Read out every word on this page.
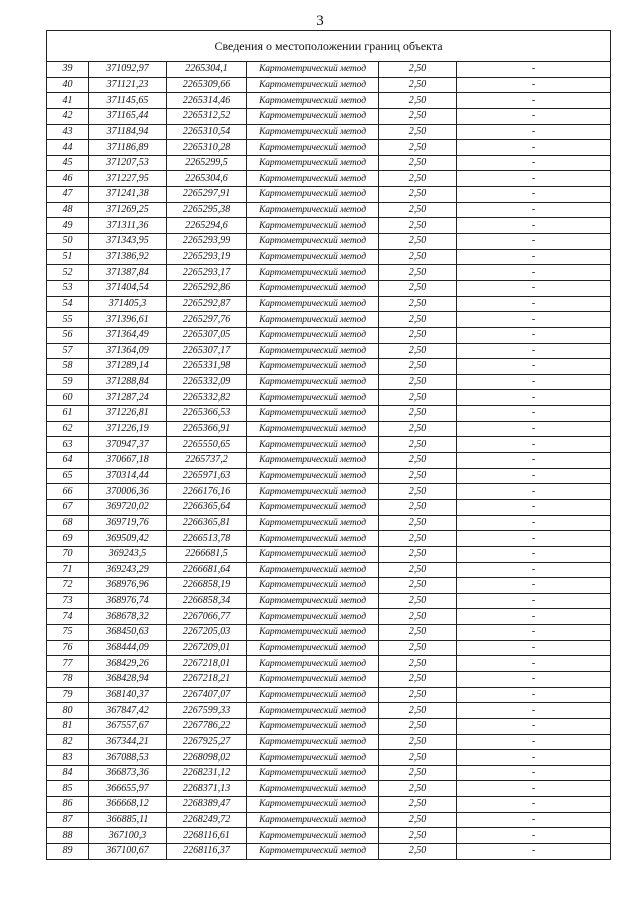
3
Сведения о местоположении границ объекта					
39	371092,97	2265304,1	Картометрический метод	2,50	-
40	371121,23	2265309,66	Картометрический метод	2,50	-
41	371145,65	2265314,46	Картометрический метод	2,50	-
42	371165,44	2265312,52	Картометрический метод	2,50	-
43	371184,94	2265310,54	Картометрический метод	2,50	-
44	371186,89	2265310,28	Картометрический метод	2,50	-
45	371207,53	2265299,5	Картометрический метод	2,50	-
46	371227,95	2265304,6	Картометрический метод	2,50	-
47	371241,38	2265297,91	Картометрический метод	2,50	-
48	371269,25	2265295,38	Картометрический метод	2,50	-
49	371311,36	2265294,6	Картометрический метод	2,50	-
50	371343,95	2265293,99	Картометрический метод	2,50	-
51	371386,92	2265293,19	Картометрический метод	2,50	-
52	371387,84	2265293,17	Картометрический метод	2,50	-
53	371404,54	2265292,86	Картометрический метод	2,50	-
54	371405,3	2265292,87	Картометрический метод	2,50	-
55	371396,61	2265297,76	Картометрический метод	2,50	-
56	371364,49	2265307,05	Картометрический метод	2,50	-
57	371364,09	2265307,17	Картометрический метод	2,50	-
58	371289,14	2265331,98	Картометрический метод	2,50	-
59	371288,84	2265332,09	Картометрический метод	2,50	-
60	371287,24	2265332,82	Картометрический метод	2,50	-
61	371226,81	2265366,53	Картометрический метод	2,50	-
62	371226,19	2265366,91	Картометрический метод	2,50	-
63	370947,37	2265550,65	Картометрический метод	2,50	-
64	370667,18	2265737,2	Картометрический метод	2,50	-
65	370314,44	2265971,63	Картометрический метод	2,50	-
66	370006,36	2266176,16	Картометрический метод	2,50	-
67	369720,02	2266365,64	Картометрический метод	2,50	-
68	369719,76	2266365,81	Картометрический метод	2,50	-
69	369509,42	2266513,78	Картометрический метод	2,50	-
70	369243,5	2266681,5	Картометрический метод	2,50	-
71	369243,29	2266681,64	Картометрический метод	2,50	-
72	368976,96	2266858,19	Картометрический метод	2,50	-
73	368976,74	2266858,34	Картометрический метод	2,50	-
74	368678,32	2267066,77	Картометрический метод	2,50	-
75	368450,63	2267205,03	Картометрический метод	2,50	-
76	368444,09	2267209,01	Картометрический метод	2,50	-
77	368429,26	2267218,01	Картометрический метод	2,50	-
78	368428,94	2267218,21	Картометрический метод	2,50	-
79	368140,37	2267407,07	Картометрический метод	2,50	-
80	367847,42	2267599,33	Картометрический метод	2,50	-
81	367557,67	2267786,22	Картометрический метод	2,50	-
82	367344,21	2267925,27	Картометрический метод	2,50	-
83	367088,53	2268098,02	Картометрический метод	2,50	-
84	366873,36	2268231,12	Картометрический метод	2,50	-
85	366655,97	2268371,13	Картометрический метод	2,50	-
86	366668,12	2268389,47	Картометрический метод	2,50	-
87	366885,11	2268249,72	Картометрический метод	2,50	-
88	367100,3	2268116,61	Картометрический метод	2,50	-
89	367100,67	2268116,37	Картометрический метод	2,50	-
